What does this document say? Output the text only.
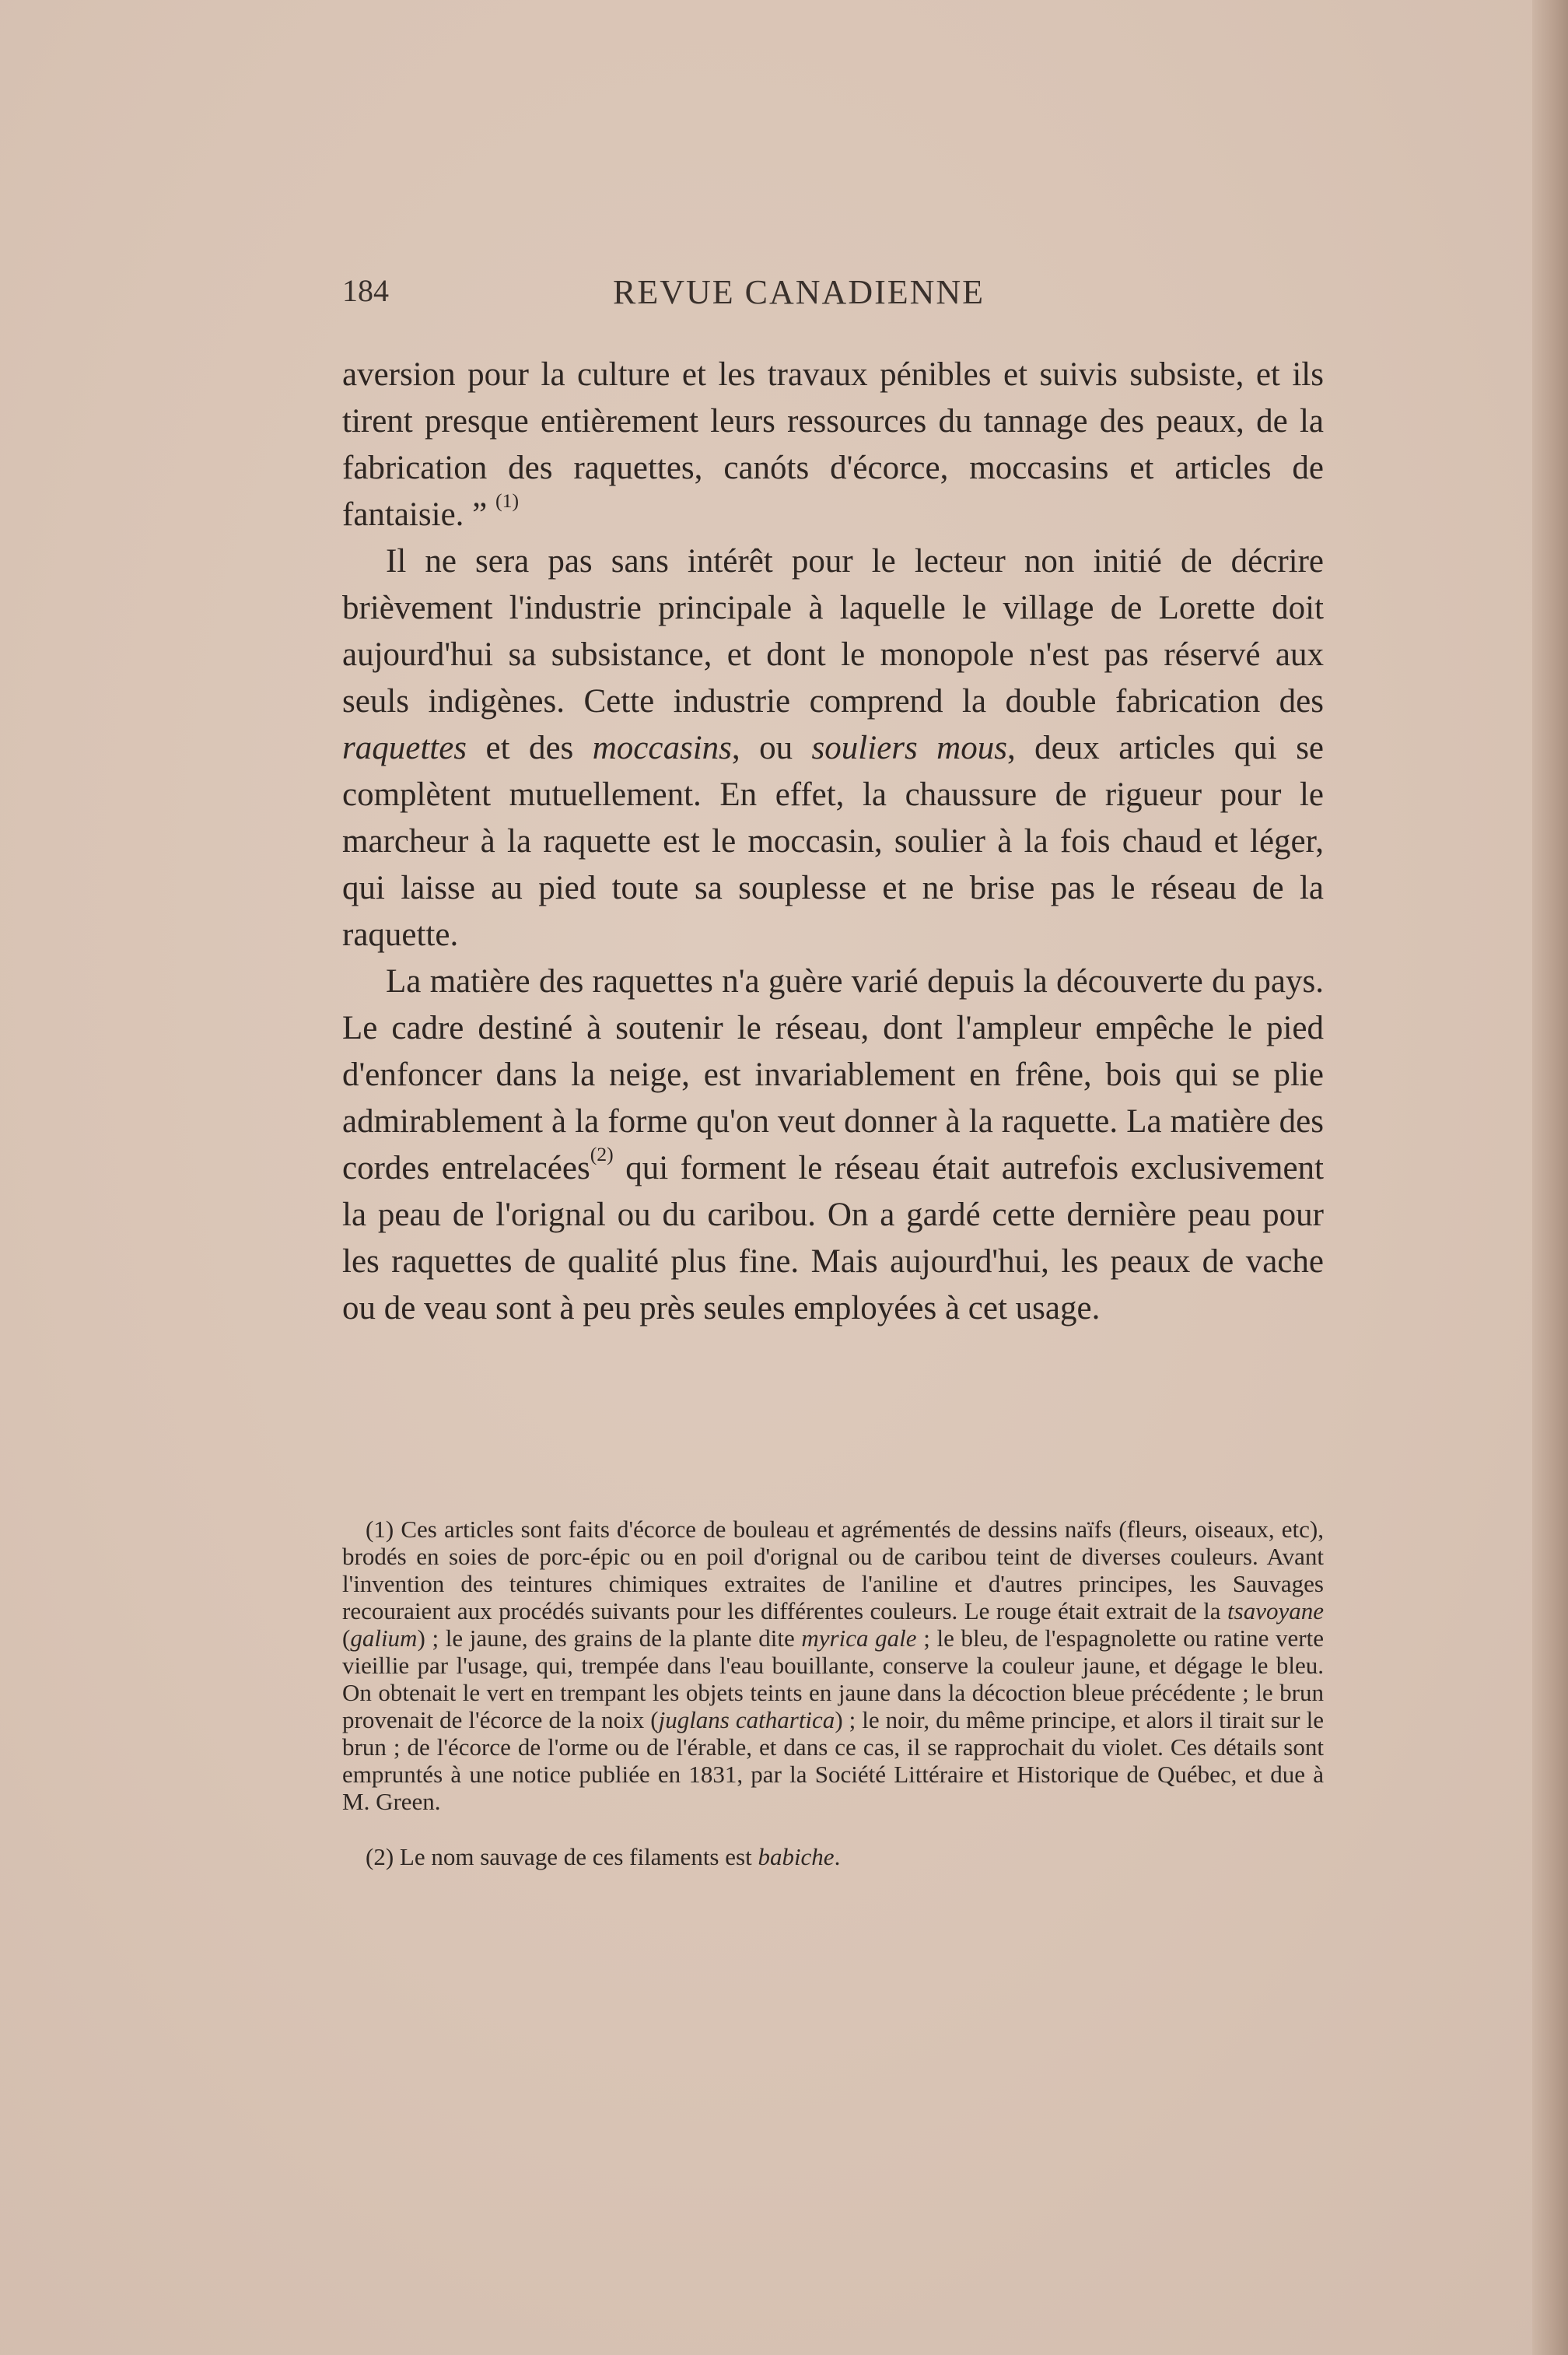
184	REVUE CANADIENNE

aversion pour la culture et les travaux pénibles et suivis subsiste, et ils tirent presque entièrement leurs ressources du tannage des peaux, de la fabrication des raquettes, canóts d'écorce, moccasins et articles de fantaisie. ” $^{(1)}$

Il ne sera pas sans intérêt pour le lecteur non initié de décrire brièvement l'industrie principale à laquelle le village de Lorette doit aujourd'hui sa subsistance, et dont le monopole n'est pas réservé aux seuls indigènes. Cette industrie comprend la double fabrication des raquettes et des moccasins, ou souliers mous, deux articles qui se complètent mutuellement. En effet, la chaussure de rigueur pour le marcheur à la raquette est le moccasin, soulier à la fois chaud et léger, qui laisse au pied toute sa souplesse et ne brise pas le réseau de la raquette.

La matière des raquettes n'a guère varié depuis la découverte du pays. Le cadre destiné à soutenir le réseau, dont l'ampleur empêche le pied d'enfoncer dans la neige, est invariablement en frêne, bois qui se plie admirablement à la forme qu'on veut donner à la raquette. La matière des cordes entrelacées$^{(2)}$ qui forment le réseau était autrefois exclusivement la peau de l'orignal ou du caribou. On a gardé cette dernière peau pour les raquettes de qualité plus fine. Mais aujourd'hui, les peaux de vache ou de veau sont à peu près seules employées à cet usage.

(1) Ces articles sont faits d'écorce de bouleau et agrémentés de dessins naïfs (fleurs, oiseaux, etc), brodés en soies de porc-épic ou en poil d'orignal ou de caribou teint de diverses couleurs. Avant l'invention des teintures chimiques extraites de l'aniline et d'autres principes, les Sauvages recouraient aux procédés suivants pour les différentes couleurs. Le rouge était extrait de la tsavoyane (galium) ; le jaune, des grains de la plante dite myrica gale ; le bleu, de l'espagnolette ou ratine verte vieillie par l'usage, qui, trempée dans l'eau bouillante, conserve la couleur jaune, et dégage le bleu. On obtenait le vert en trempant les objets teints en jaune dans la décoction bleue précédente ; le brun provenait de l'écorce de la noix (juglans cathartica) ; le noir, du même principe, et alors il tirait sur le brun ; de l'écorce de l'orme ou de l'érable, et dans ce cas, il se rapprochait du violet. Ces détails sont empruntés à une notice publiée en 1831, par la Société Littéraire et Historique de Québec, et due à M. Green.

(2) Le nom sauvage de ces filaments est babiche.
